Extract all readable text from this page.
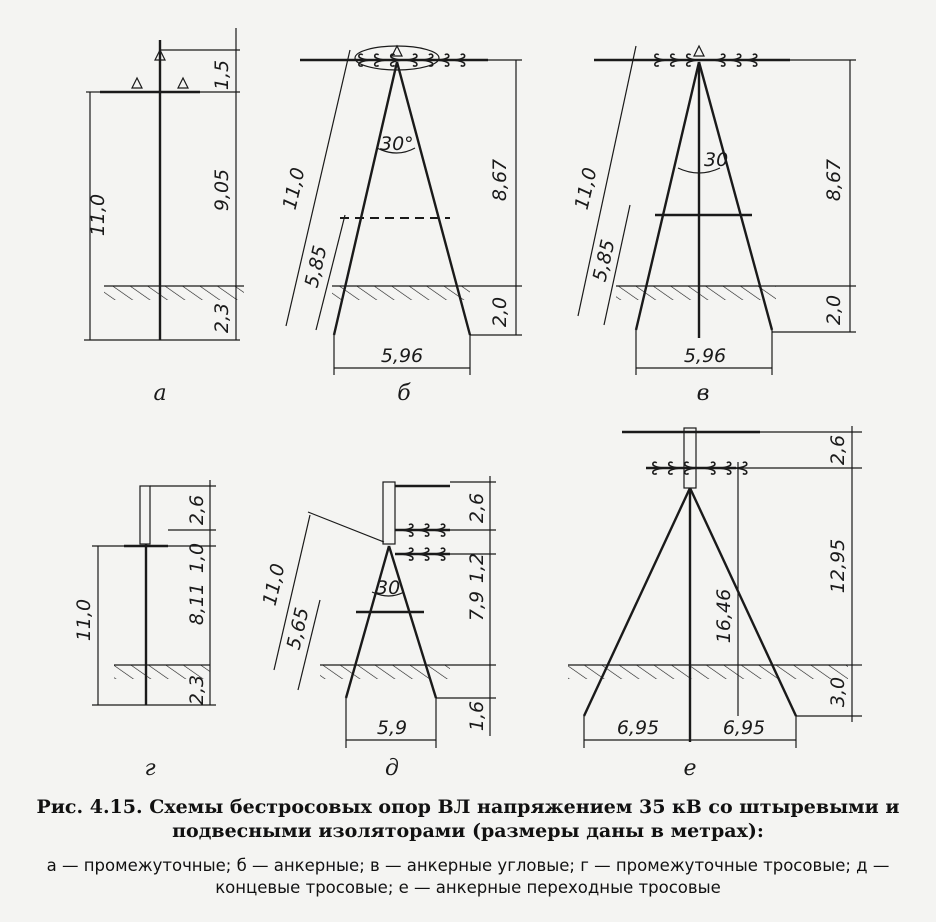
1,5
11,0
9,05
2,3
а
⊰⊰⊰⊰
⊱⊱⊱
30°
11,0
5,85
8,67
2,0
5,96
б
⊱⊱⊱ ⊰⊰⊰
30
11,0
5,85
8,67
2,0
5,96
в
2,6
1,0
11,0	8,11
2,3
г
⊰⊰⊰
⊰⊰⊰
30
2,6
11,0
5,65	7,9
1,2
1,6
5,9
д
⊱⊱⊱ ⊰⊰⊰
2,6
12,95
16,46
3,0
6,95	6,95
е
Рис. 4.15. Схемы бестросовых опор ВЛ напряжением 35 кВ со штыревыми и
подвесными изоляторами (размеры даны в метрах):
а — промежуточные; б — анкерные; в — анкерные угловые; г — промежуточные тросовые; д —
концевые тросовые; е — анкерные переходные тросовые
